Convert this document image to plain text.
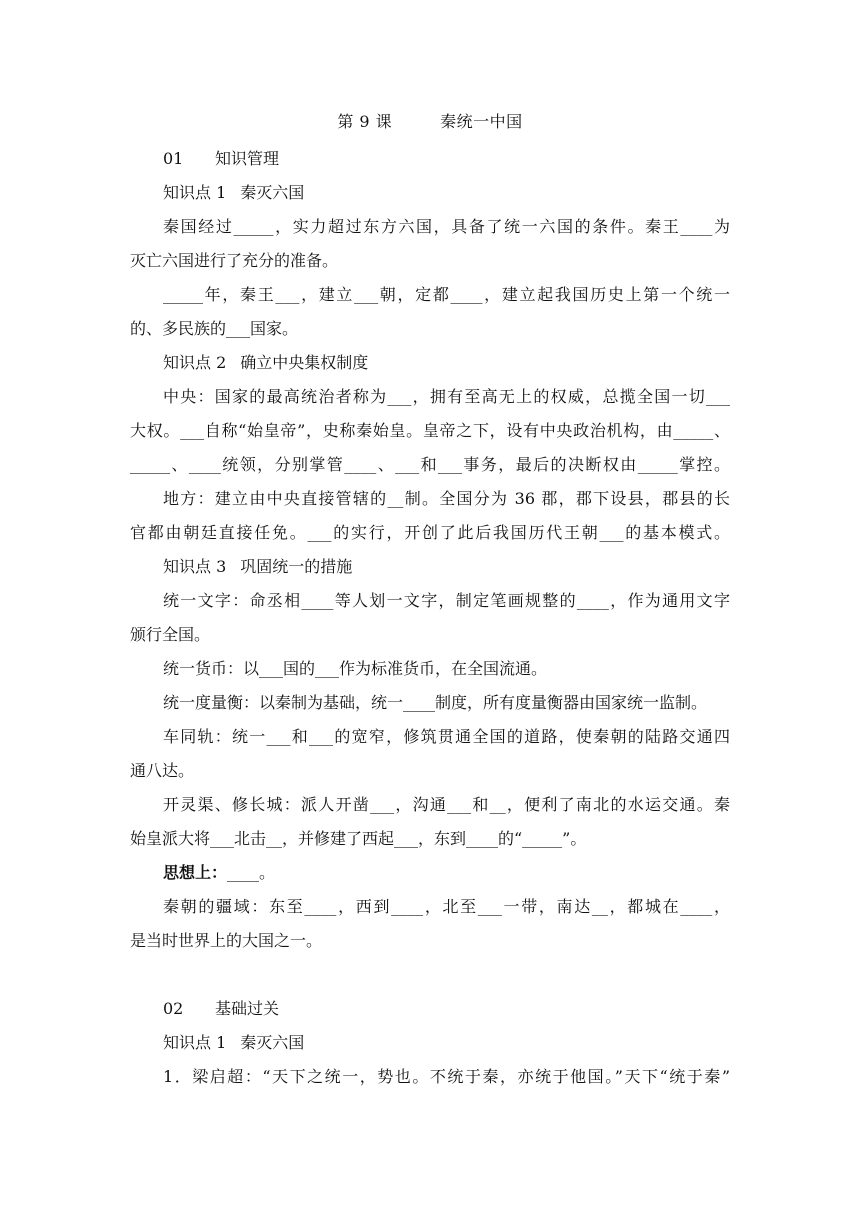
第 9 课	秦统一中国
01 知识管理
知识点 1 秦灭六国
秦国经过_____，实力超过东方六国，具备了统一六国的条件。秦王____为
灭亡六国进行了充分的准备。
_____年，秦王___，建立___朝，定都____，建立起我国历史上第一个统一
的、多民族的___国家。
知识点 2 确立中央集权制度
中央：国家的最高统治者称为___，拥有至高无上的权威，总揽全国一切___
大权。___自称“始皇帝”，史称秦始皇。皇帝之下，设有中央政治机构，由_____、
_____、____统领，分别掌管____、___和___事务，最后的决断权由_____掌控。
地方：建立由中央直接管辖的__制。全国分为 36 郡，郡下设县，郡县的长
官都由朝廷直接任免。___的实行，开创了此后我国历代王朝___的基本模式。
知识点 3 巩固统一的措施
统一文字：命丞相____等人划一文字，制定笔画规整的____，作为通用文字
颁行全国。
统一货币：以___国的___作为标准货币，在全国流通。
统一度量衡：以秦制为基础，统一____制度，所有度量衡器由国家统一监制。
车同轨：统一___和___的宽窄，修筑贯通全国的道路，使秦朝的陆路交通四
通八达。
开灵渠、修长城：派人开凿___，沟通___和__，便利了南北的水运交通。秦
始皇派大将___北击__，并修建了西起___，东到____的“_____”。
思想上：____。
秦朝的疆域：东至____，西到____，北至___一带，南达__，都城在____，
是当时世界上的大国之一。
02 基础过关
知识点 1 秦灭六国
1．梁启超：“天下之统一，势也。不统于秦，亦统于他国。”天下“统于秦”
